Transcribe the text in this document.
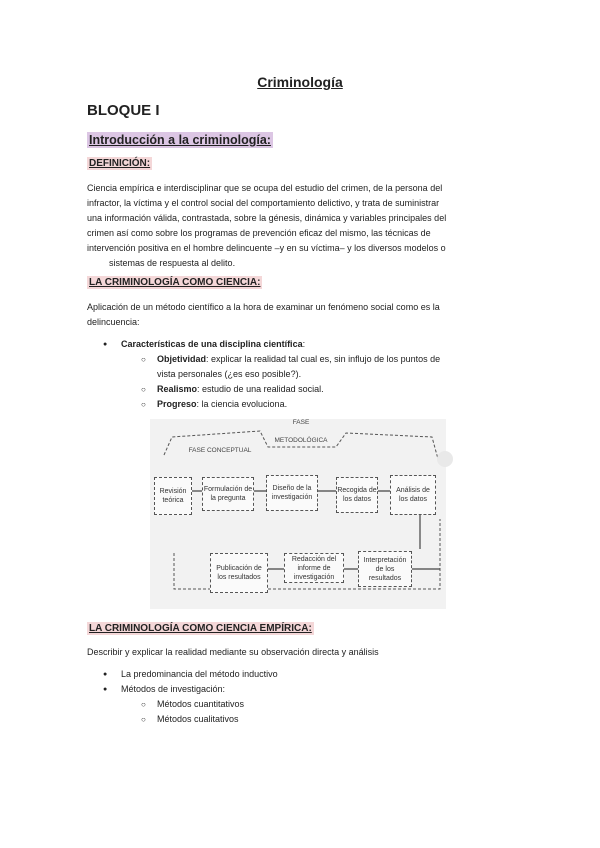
Criminología
BLOQUE I
Introducción a la criminología:
DEFINICIÓN:
Ciencia empírica e interdisciplinar que se ocupa del estudio del crimen, de la persona del
infractor, la víctima y el control social del comportamiento delictivo, y trata de suministrar
una información válida, contrastada, sobre la génesis, dinámica y variables principales del
crimen así como sobre los programas de prevención eficaz del mismo, las técnicas de
intervención positiva en el hombre delincuente –y en su víctima– y los diversos modelos o
sistemas de respuesta al delito.
LA CRIMINOLOGÍA COMO CIENCIA:
Aplicación de un método científico a la hora de examinar un fenómeno social como es la
delincuencia:
● Características de una disciplina científica:
○ Objetividad: explicar la realidad tal cual es, sin influjo de los puntos de
vista personales (¿es eso posible?).
○ Realismo: estudio de una realidad social.
○ Progreso: la ciencia evoluciona.
FASE CONCEPTUAL
FASE
METODOLÓGICA
Revisión teórica
Formulación de la pregunta
Diseño de la investigación
Recogida de los datos
Análisis de los datos
Publicación de los resultados
Redacción del informe de investigación
Interpretación de los resultados
LA CRIMINOLOGÍA COMO CIENCIA EMPÍRICA:
Describir y explicar la realidad mediante su observación directa y análisis
● La predominancia del método inductivo
● Métodos de investigación:
○ Métodos cuantitativos
○ Métodos cualitativos
